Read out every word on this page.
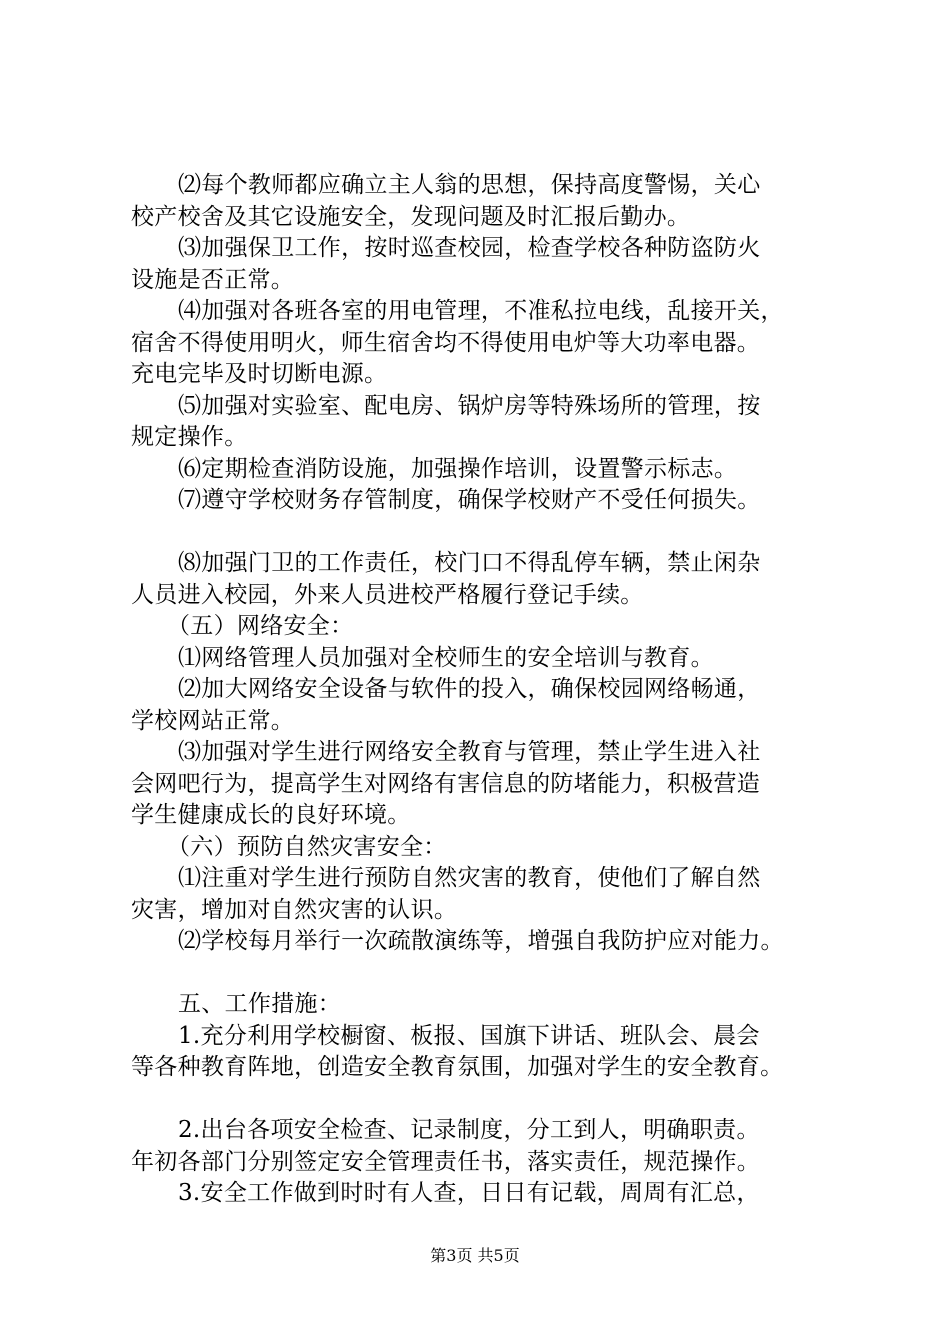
⑵每个教师都应确立主人翁的思想，保持高度警惕，关心
校产校舍及其它设施安全，发现问题及时汇报后勤办。
⑶加强保卫工作，按时巡查校园，检查学校各种防盗防火
设施是否正常。
⑷加强对各班各室的用电管理，不准私拉电线，乱接开关，
宿舍不得使用明火，师生宿舍均不得使用电炉等大功率电器。
充电完毕及时切断电源。
⑸加强对实验室、配电房、锅炉房等特殊场所的管理，按
规定操作。
⑹定期检查消防设施，加强操作培训，设置警示标志。
⑺遵守学校财务存管制度，确保学校财产不受任何损失。
⑻加强门卫的工作责任，校门口不得乱停车辆，禁止闲杂
人员进入校园，外来人员进校严格履行登记手续。
（五）网络安全：
⑴网络管理人员加强对全校师生的安全培训与教育。
⑵加大网络安全设备与软件的投入，确保校园网络畅通，
学校网站正常。
⑶加强对学生进行网络安全教育与管理，禁止学生进入社
会网吧行为，提高学生对网络有害信息的防堵能力，积极营造
学生健康成长的良好环境。
（六）预防自然灾害安全：
⑴注重对学生进行预防自然灾害的教育，使他们了解自然
灾害，增加对自然灾害的认识。
⑵学校每月举行一次疏散演练等，增强自我防护应对能力。
五、工作措施：
1.充分利用学校橱窗、板报、国旗下讲话、班队会、晨会
等各种教育阵地，创造安全教育氛围，加强对学生的安全教育。
2.出台各项安全检查、记录制度，分工到人，明确职责。
年初各部门分别签定安全管理责任书，落实责任，规范操作。
3.安全工作做到时时有人查，日日有记载，周周有汇总，
第3页 共5页
